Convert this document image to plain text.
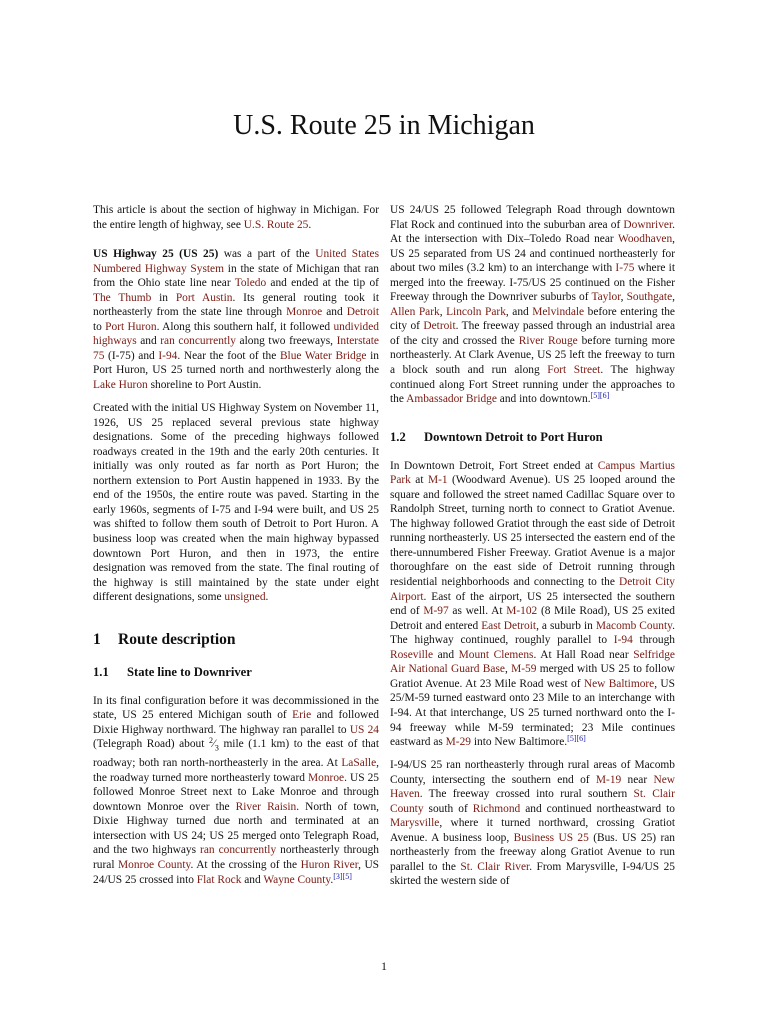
U.S. Route 25 in Michigan

This article is about the section of highway in Michigan. For the entire length of highway, see U.S. Route 25.

US Highway 25 (US 25) was a part of the United States Numbered Highway System in the state of Michigan that ran from the Ohio state line near Toledo and ended at the tip of The Thumb in Port Austin. Its general routing took it northeasterly from the state line through Monroe and Detroit to Port Huron. Along this southern half, it followed undivided highways and ran concurrently along two freeways, Interstate 75 (I-75) and I-94. Near the foot of the Blue Water Bridge in Port Huron, US 25 turned north and northwesterly along the Lake Huron shoreline to Port Austin.

Created with the initial US Highway System on November 11, 1926, US 25 replaced several previous state highway designations. Some of the preceding highways followed roadways created in the 19th and the early 20th centuries. It initially was only routed as far north as Port Huron; the northern extension to Port Austin happened in 1933. By the end of the 1950s, the entire route was paved. Starting in the early 1960s, segments of I-75 and I-94 were built, and US 25 was shifted to follow them south of Detroit to Port Huron. A business loop was created when the main highway bypassed downtown Port Huron, and then in 1973, the entire designation was removed from the state. The final routing of the highway is still maintained by the state under eight different designations, some unsigned.

1 Route description
1.1 State line to Downriver

In its final configuration before it was decommissioned in the state, US 25 entered Michigan south of Erie and followed Dixie Highway northward. The highway ran parallel to US 24 (Telegraph Road) about $^2⁄_3$ mile (1.1 km) to the east of that roadway; both ran north-northeasterly in the area. At LaSalle, the roadway turned more northeasterly toward Monroe. US 25 followed Monroe Street next to Lake Monroe and through downtown Monroe over the River Raisin. North of town, Dixie Highway turned due north and terminated at an intersection with US 24; US 25 merged onto Telegraph Road, and the two highways ran concurrently northeasterly through rural Monroe County. At the crossing of the Huron River, US 24/US 25 crossed into Flat Rock and Wayne County.[3][5]

US 24/US 25 followed Telegraph Road through downtown Flat Rock and continued into the suburban area of Downriver. At the intersection with Dix–Toledo Road near Woodhaven, US 25 separated from US 24 and continued northeasterly for about two miles (3.2 km) to an interchange with I-75 where it merged into the freeway. I-75/US 25 continued on the Fisher Freeway through the Downriver suburbs of Taylor, Southgate, Allen Park, Lincoln Park, and Melvindale before entering the city of Detroit. The freeway passed through an industrial area of the city and crossed the River Rouge before turning more northeasterly. At Clark Avenue, US 25 left the freeway to turn a block south and run along Fort Street. The highway continued along Fort Street running under the approaches to the Ambassador Bridge and into downtown.[5][6]

1.2 Downtown Detroit to Port Huron

In Downtown Detroit, Fort Street ended at Campus Martius Park at M-1 (Woodward Avenue). US 25 looped around the square and followed the street named Cadillac Square over to Randolph Street, turning north to connect to Gratiot Avenue. The highway followed Gratiot through the east side of Detroit running northeasterly. US 25 intersected the eastern end of the there-unnumbered Fisher Freeway. Gratiot Avenue is a major thoroughfare on the east side of Detroit running through residential neighborhoods and connecting to the Detroit City Airport. East of the airport, US 25 intersected the southern end of M-97 as well. At M-102 (8 Mile Road), US 25 exited Detroit and entered East Detroit, a suburb in Macomb County. The highway continued, roughly parallel to I-94 through Roseville and Mount Clemens. At Hall Road near Selfridge Air National Guard Base, M-59 merged with US 25 to follow Gratiot Avenue. At 23 Mile Road west of New Baltimore, US 25/M-59 turned eastward onto 23 Mile to an interchange with I-94. At that interchange, US 25 turned northward onto the I-94 freeway while M-59 terminated; 23 Mile continues eastward as M-29 into New Baltimore.[5][6]

I-94/US 25 ran northeasterly through rural areas of Macomb County, intersecting the southern end of M-19 near New Haven. The freeway crossed into rural southern St. Clair County south of Richmond and continued northeastward to Marysville, where it turned northward, crossing Gratiot Avenue. A business loop, Business US 25 (Bus. US 25) ran northeasterly from the freeway along Gratiot Avenue to run parallel to the St. Clair River. From Marysville, I-94/US 25 skirted the western side of

1
